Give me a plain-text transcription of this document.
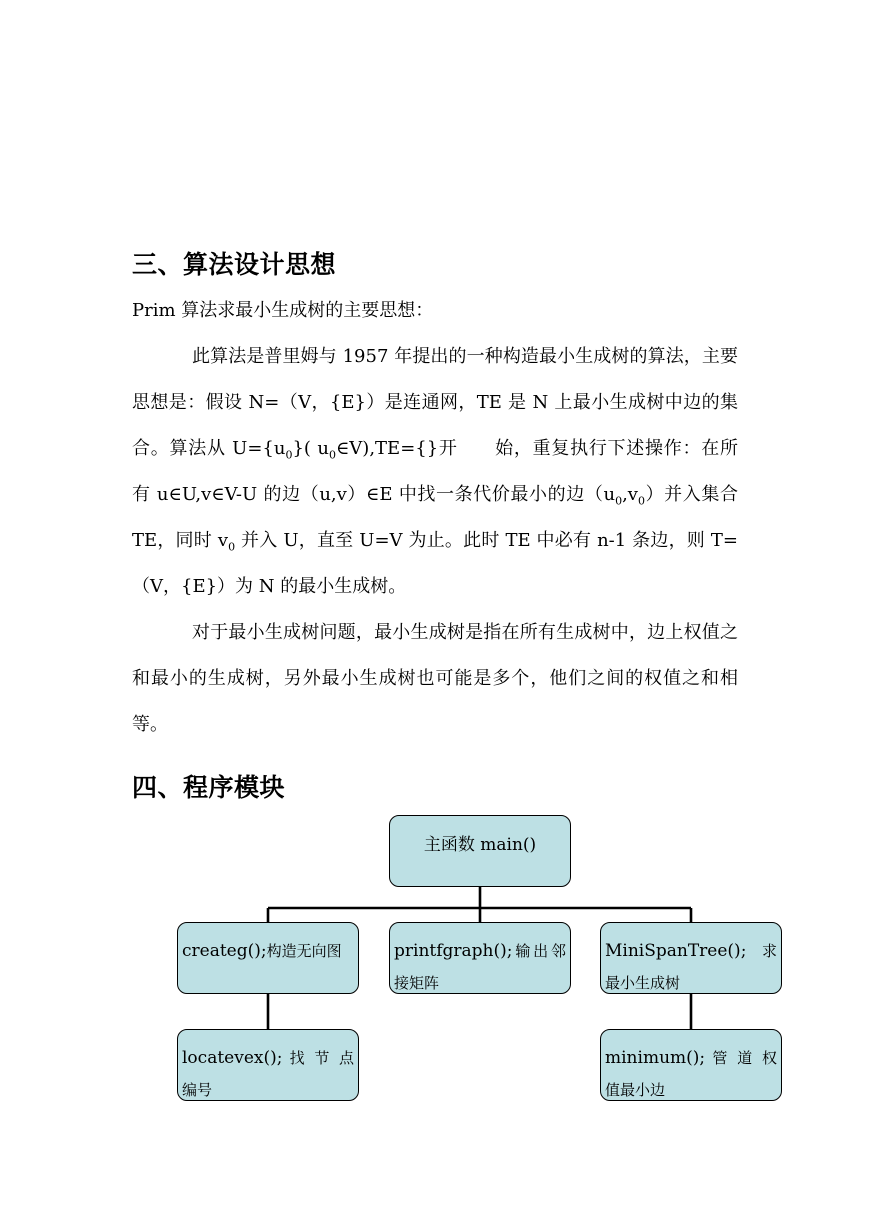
三、算法设计思想

Prim 算法求最小生成树的主要思想：

此算法是普里姆与 1957 年提出的一种构造最小生成树的算法，主要思想是：假设 N=（V，{E}）是连通网，TE 是 N 上最小生成树中边的集合。算法从 $U=\{u_0\}$( $u_0\in V),TE=\{\}$开　　始，重复执行下述操作：在所有 u∈U,v∈V-U 的边（u,v）∈E 中找一条代价最小的边$(u_0,v_0)$并入集合 TE，同时 $v_0$ 并入 U，直至 U=V 为止。此时 TE 中必有 n-1 条边，则 T=（V，{E}）为 N 的最小生成树。

对于最小生成树问题，最小生成树是指在所有生成树中，边上权值之和最小的生成树，另外最小生成树也可能是多个，他们之间的权值之和相等。

四、程序模块
主函数 main()
createg();构造无向图	printfgraph();输出邻接矩阵
MiniSpanTree(); 求最小生成树
locatevex(); 找 节 点编号
minimum(); 管 道 权值最小边
